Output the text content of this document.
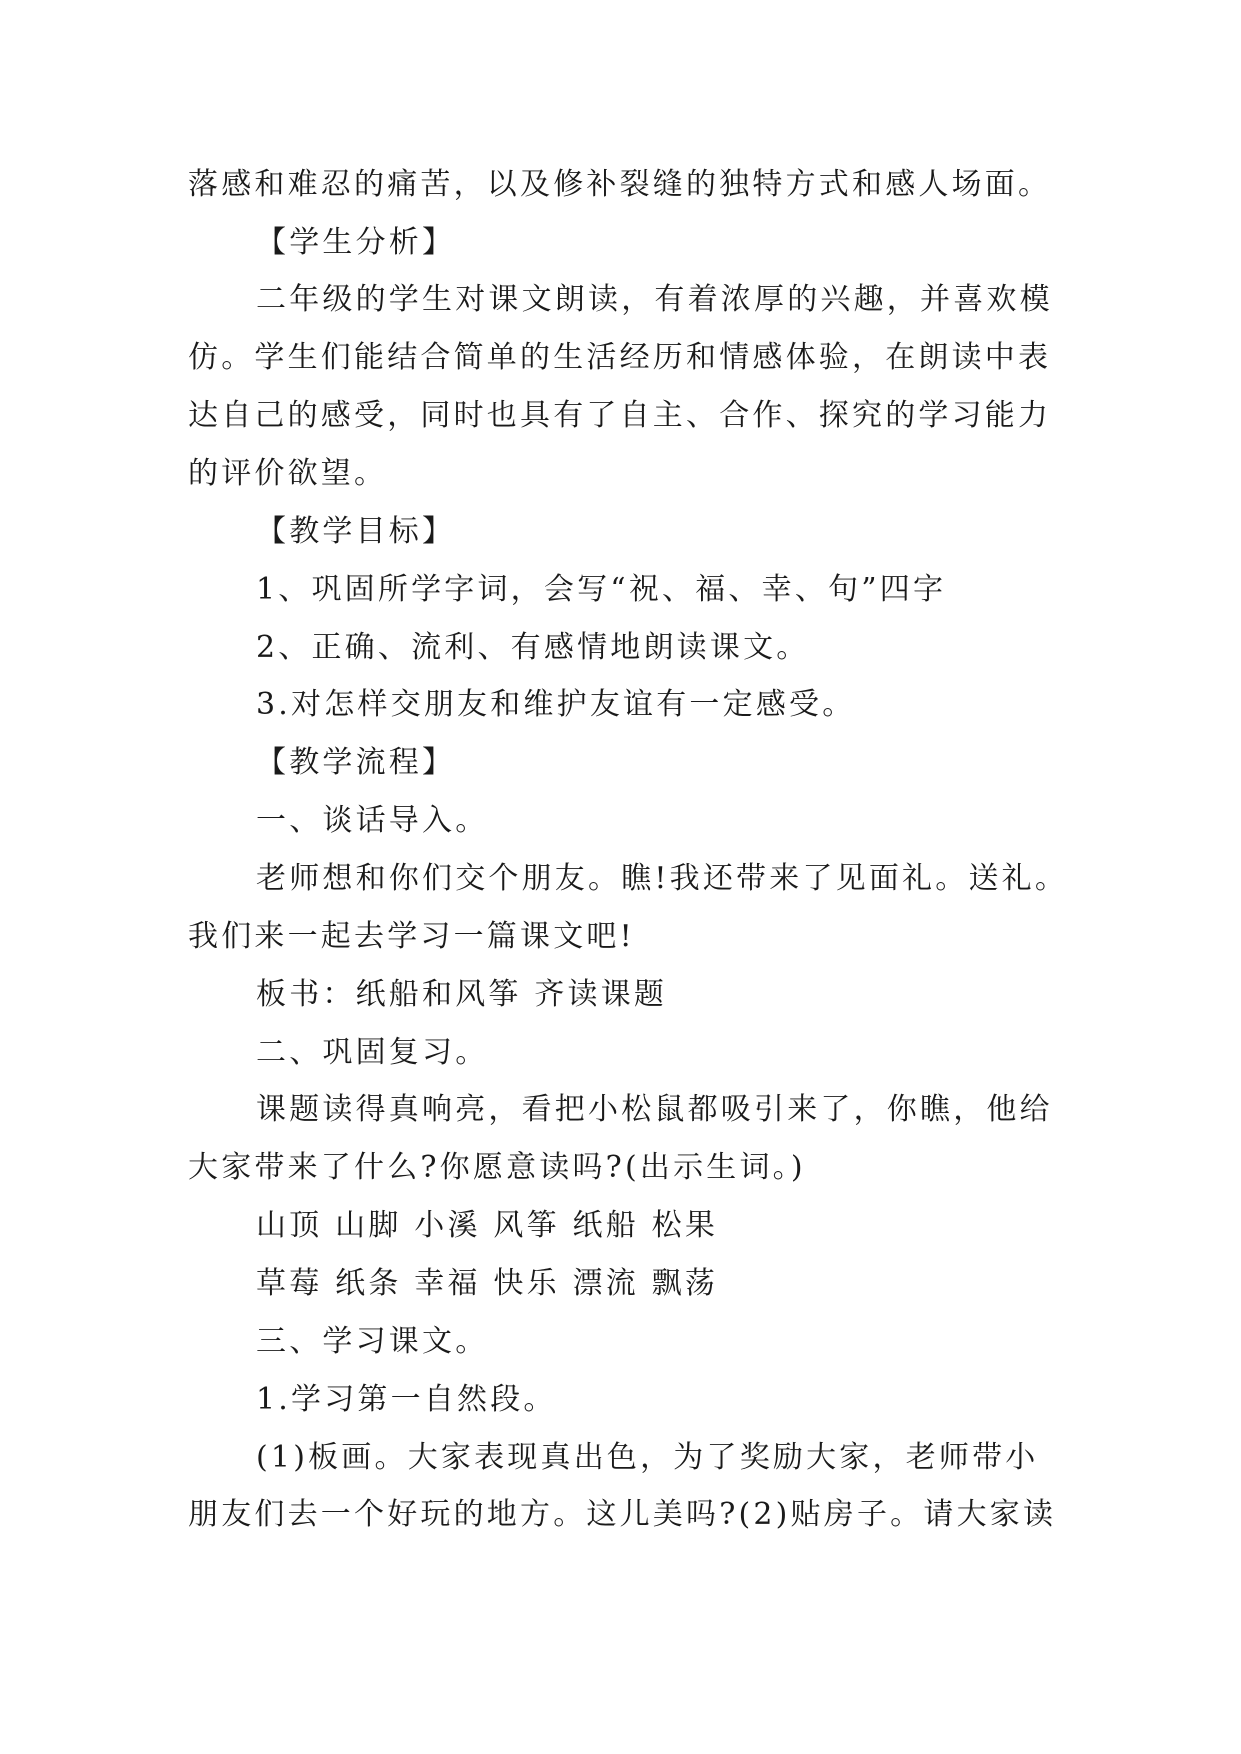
落感和难忍的痛苦，以及修补裂缝的独特方式和感人场面。
【学生分析】
二年级的学生对课文朗读，有着浓厚的兴趣，并喜欢模
仿。学生们能结合简单的生活经历和情感体验，在朗读中表
达自己的感受，同时也具有了自主、合作、探究的学习能力
的评价欲望。
【教学目标】
1、巩固所学字词，会写“祝、福、幸、句”四字
2、正确、流利、有感情地朗读课文。
3.对怎样交朋友和维护友谊有一定感受。
【教学流程】
一、谈话导入。
老师想和你们交个朋友。瞧!我还带来了见面礼。送礼。
我们来一起去学习一篇课文吧!
板书：纸船和风筝 齐读课题
二、巩固复习。
课题读得真响亮，看把小松鼠都吸引来了，你瞧，他给
大家带来了什么?你愿意读吗?(出示生词。)
山顶 山脚 小溪 风筝 纸船 松果
草莓 纸条 幸福 快乐 漂流 飘荡
三、学习课文。
1.学习第一自然段。
(1)板画。大家表现真出色，为了奖励大家，老师带小
朋友们去一个好玩的地方。这儿美吗?(2)贴房子。请大家读
